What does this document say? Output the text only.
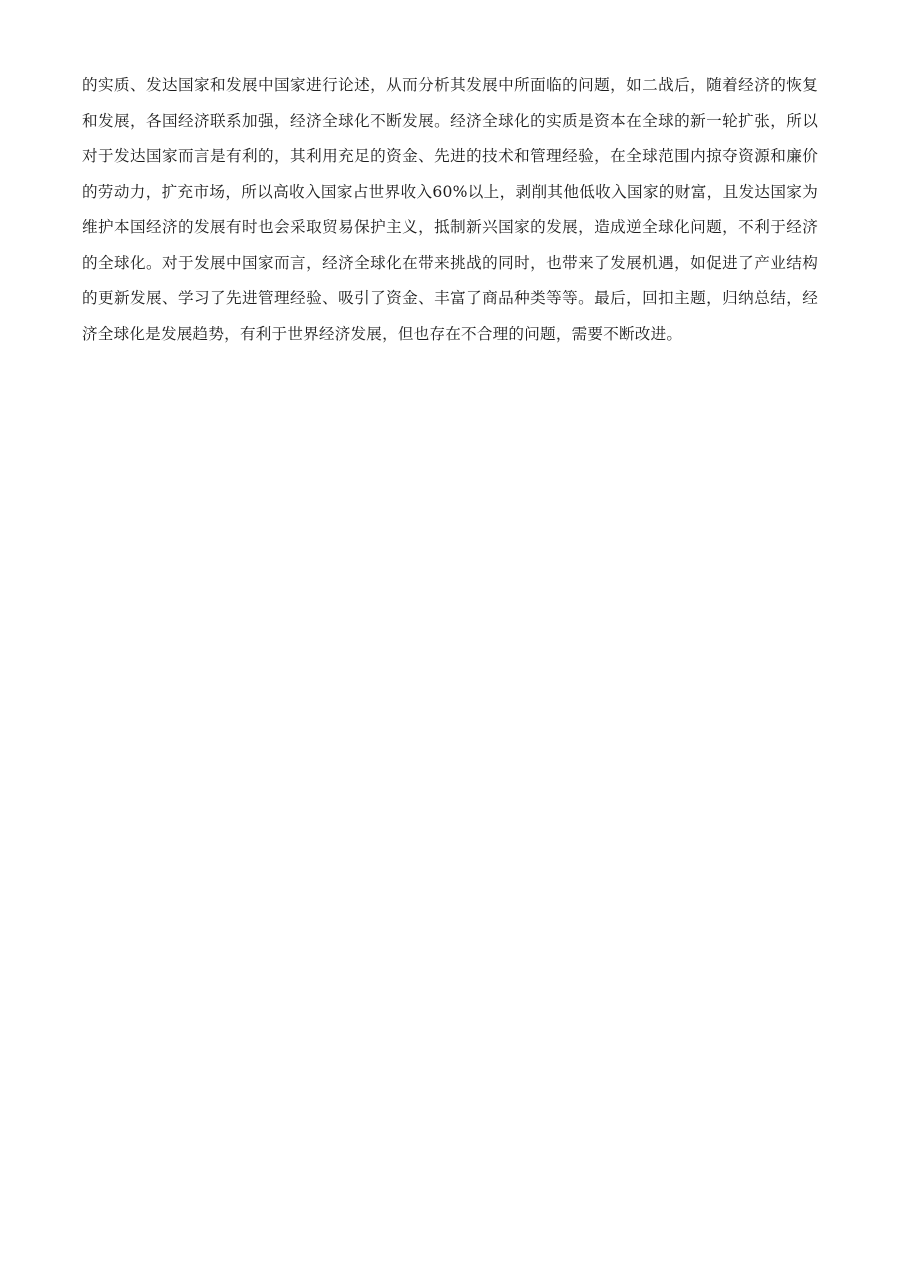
的实质、发达国家和发展中国家进行论述，从而分析其发展中所面临的问题，如二战后，随着经济的恢复
和发展，各国经济联系加强，经济全球化不断发展。经济全球化的实质是资本在全球的新一轮扩张，所以
对于发达国家而言是有利的，其利用充足的资金、先进的技术和管理经验，在全球范围内掠夺资源和廉价
的劳动力，扩充市场，所以高收入国家占世界收入60%以上，剥削其他低收入国家的财富，且发达国家为
维护本国经济的发展有时也会采取贸易保护主义，抵制新兴国家的发展，造成逆全球化问题，不利于经济
的全球化。对于发展中国家而言，经济全球化在带来挑战的同时，也带来了发展机遇，如促进了产业结构
的更新发展、学习了先进管理经验、吸引了资金、丰富了商品种类等等。最后，回扣主题，归纳总结，经
济全球化是发展趋势，有利于世界经济发展，但也存在不合理的问题，需要不断改进。
